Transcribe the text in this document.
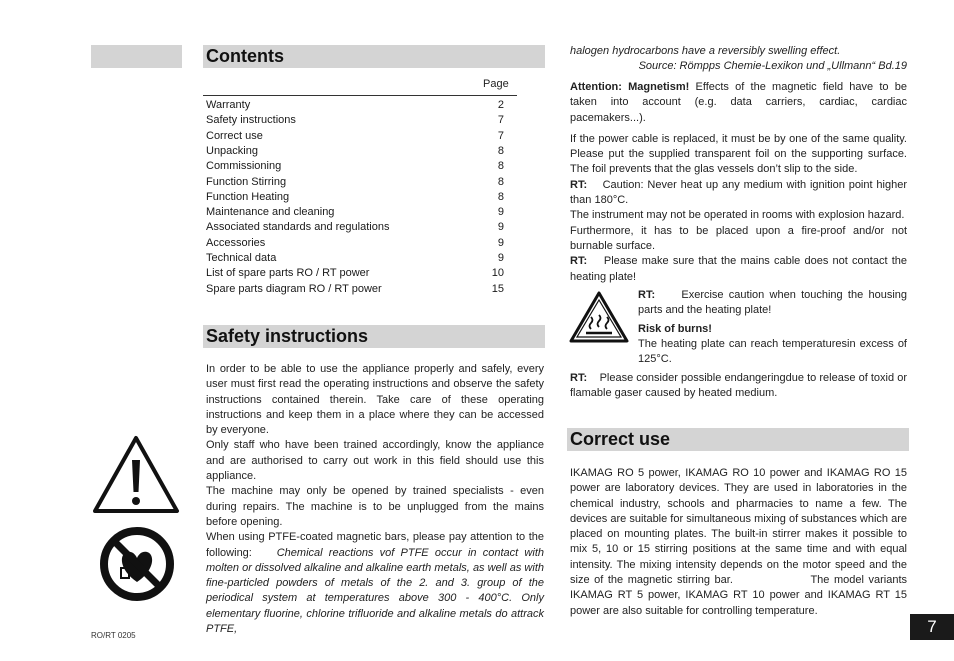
Contents
Page
Warranty	2
Safety instructions	7
Correct use	7
Unpacking	8
Commissioning	8
Function Stirring	8
Function Heating	8
Maintenance and cleaning	9
Associated standards and regulations	9
Accessories	9
Technical data	9
List of spare parts RO / RT power	10
Spare parts diagram RO / RT power	15
Safety instructions

In order to be able to use the appliance properly and safely, every user must first read the operating instructions and observe the safety instructions contained therein. Take care of these operating instructions and keep them in a place where they can be accessed by everyone.

Only staff who have been trained accordingly, know the appliance and are authorised to carry out work in this field should use this appliance.

The machine may only be opened by trained specialists - even during repairs. The machine is to be unplugged from the mains before opening.

When using PTFE-coated magnetic bars, please pay attention to the following: Chemical reactions vof PTFE occur in contact with molten or dissolved alkaline and alkaline earth metals, as well as with fine-particled powders of metals of the 2. and 3. group of the periodical system at temperatures above 300 - 400°C. Only elementary fluorine, chlorine trifluoride and alkaline metals do attrack PTFE,

halogen hydrocarbons have a reversibly swelling effect.
Source: Römpps Chemie-Lexikon und „Ullmann“ Bd.19

Attention: Magnetism! Effects of the magnetic field have to be taken into account (e.g. data carriers, cardiac, cardiac pacemakers...).

If the power cable is replaced, it must be by one of the same quality. Please put the supplied transparent foil on the supporting surface. The foil prevents that the glas vessels don’t slip to the side.

RT: Caution: Never heat up any medium with ignition point higher than 180°C.

The instrument may not be operated in rooms with explosion hazard.

Furthermore, it has to be placed upon a fire-proof and/or not burnable surface.

RT: Please make sure that the mains cable does not contact the heating plate!

RT: Exercise caution when touching the housing parts and the heating plate!

Risk of burns!

The heating plate can reach temperaturesin excess of 125°C.

RT: Please consider possible endangeringdue to release of toxid or flamable gaser caused by heated medium.
Correct use
IKAMAG RO 5 power, IKAMAG RO 10 power and IKAMAG RO 15 power are laboratory devices. They are used in laboratories in the chemical industry, schools and pharmacies to name a few. The devices are suitable for simultaneous mixing of substances which are placed on mounting plates. The built-in stirrer makes it possible to mix 5, 10 or 15 stirring positions at the same time and with equal intensity. The mixing intensity depends on the motor speed and the size of the magnetic stirring bar.	The model variants IKAMAG RT 5 power, IKAMAG RT 10 power and IKAMAG RT 15 power are also suitable for controlling temperature.
RO/RT 0205	7
